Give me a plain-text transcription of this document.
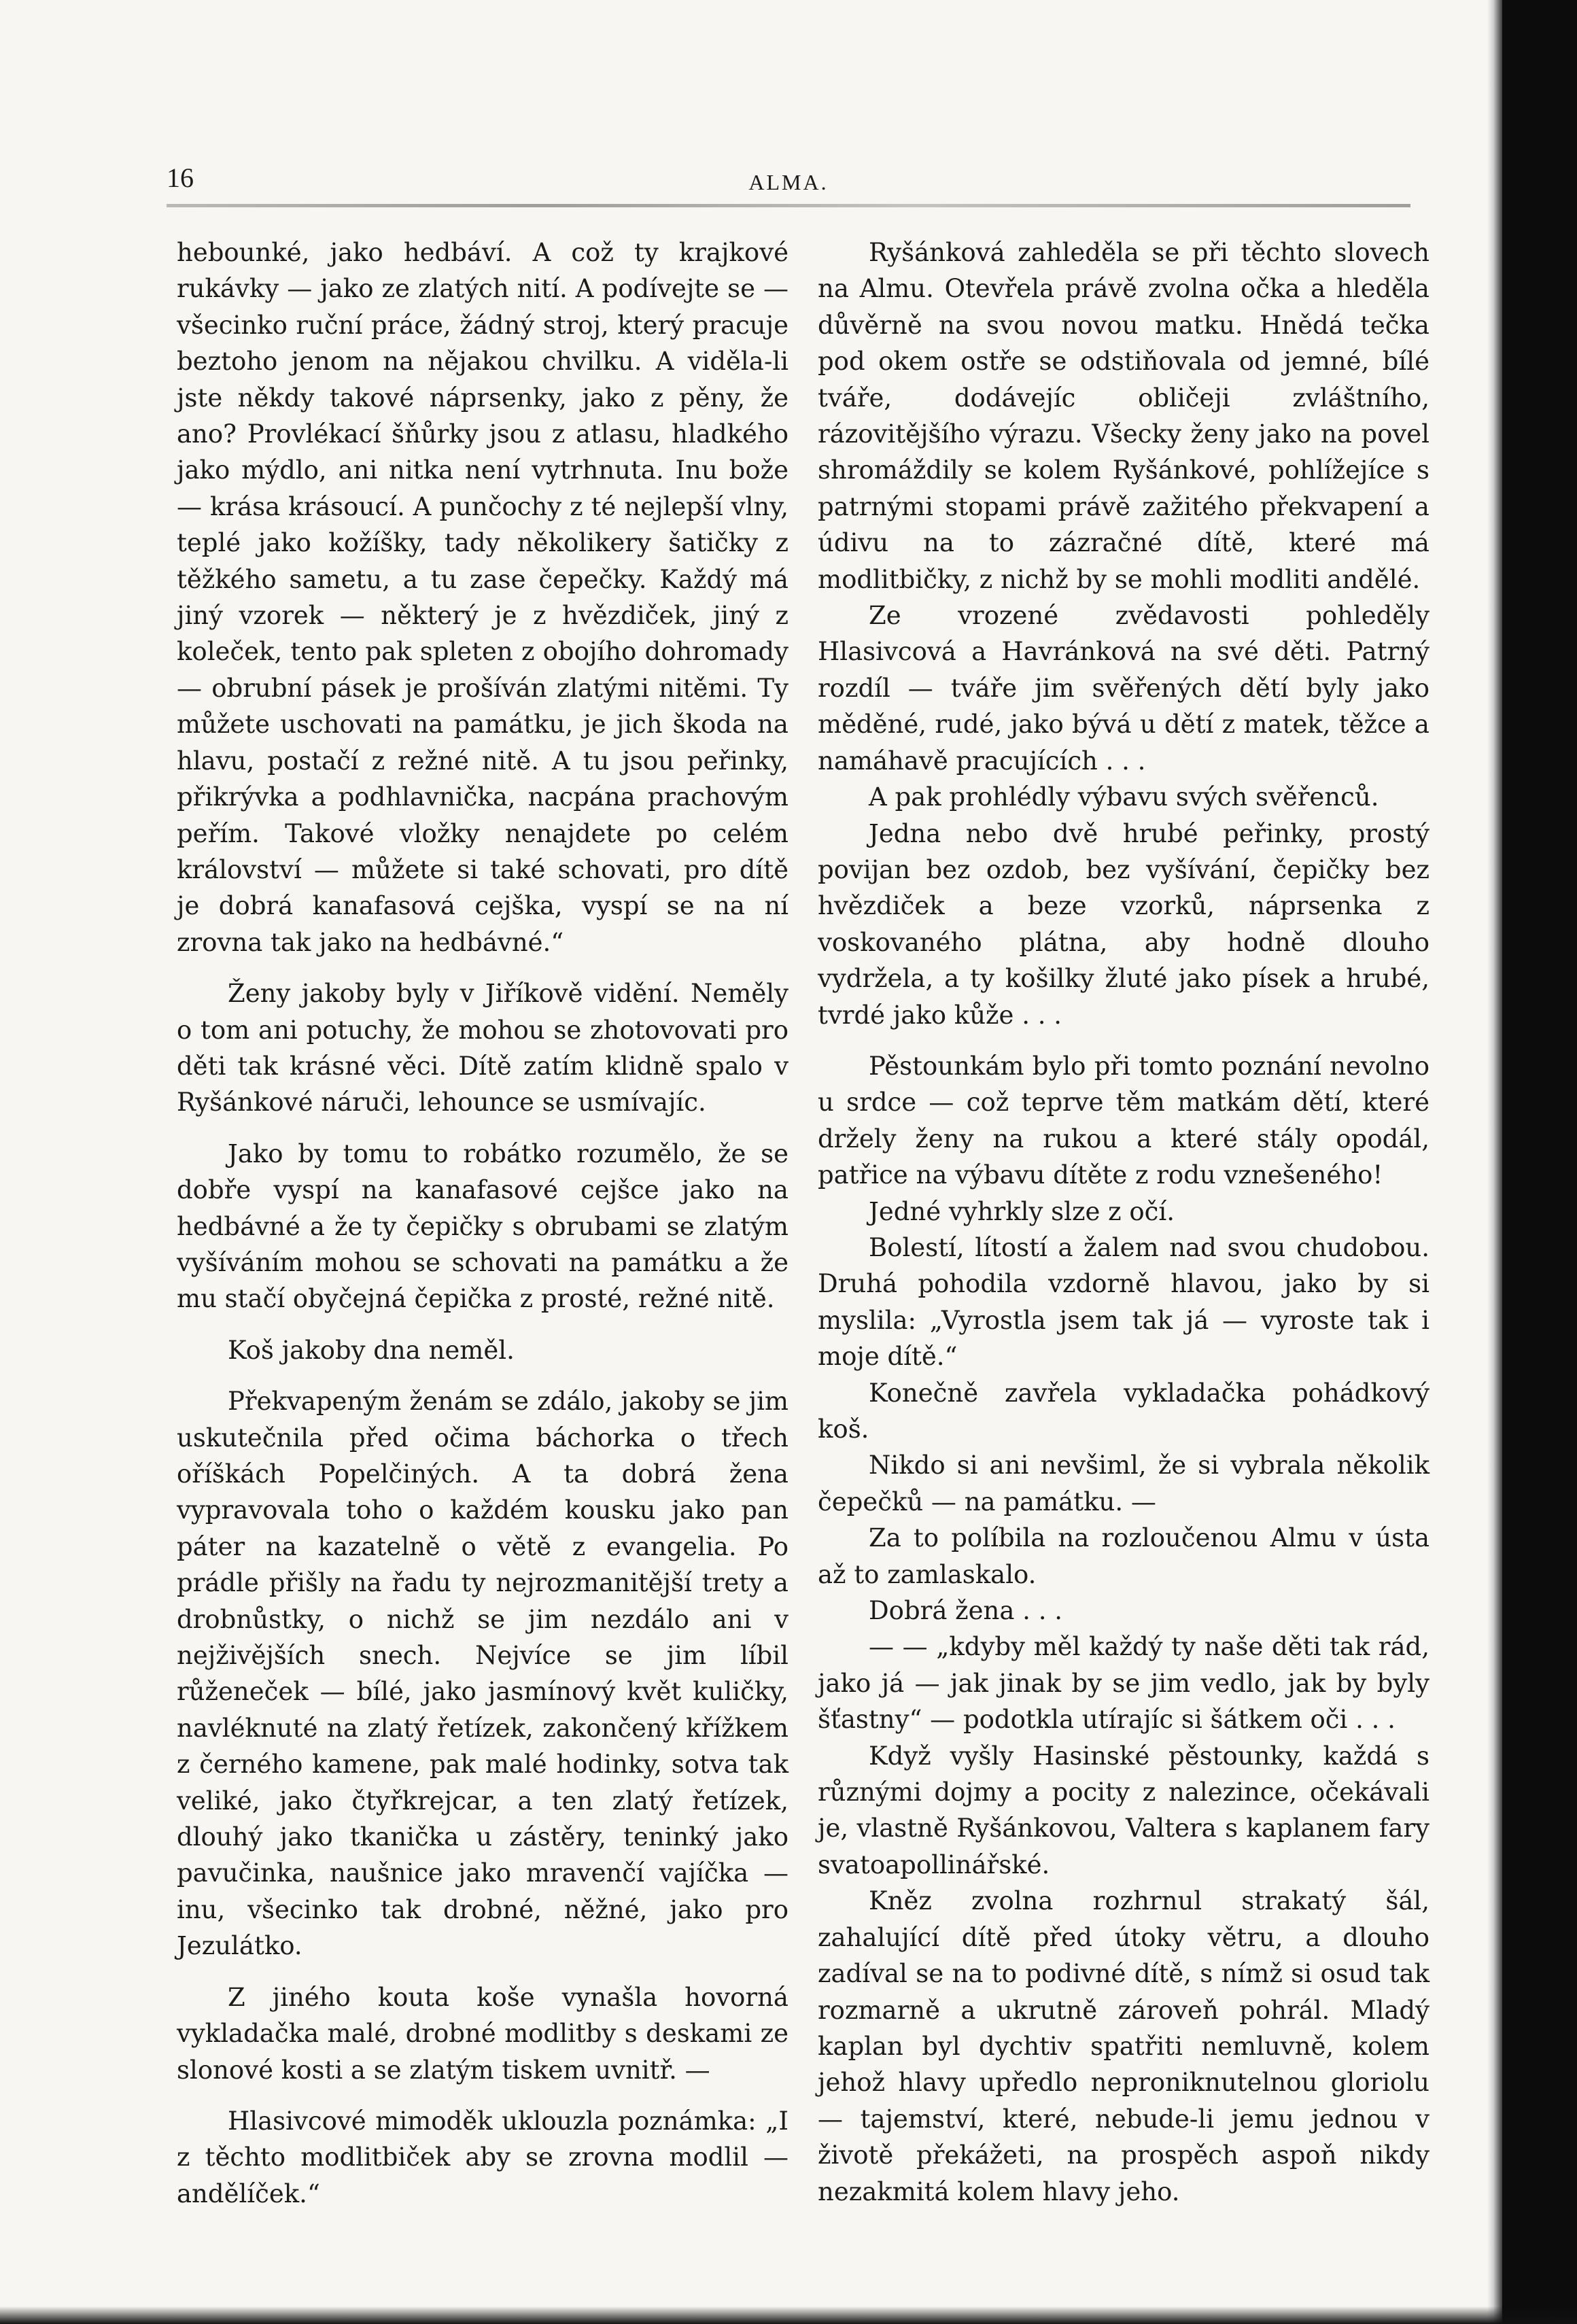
16	ALMA.

hebounké, jako hedbáví. A což ty krajkové rukávky — jako ze zlatých nití. A podívejte se — všecinko ruční práce, žádný stroj, který pracuje beztoho jenom na nějakou chvilku. A viděla-li jste někdy takové náprsenky, jako z pěny, že ano? Provlékací šňůrky jsou z atlasu, hladkého jako mýdlo, ani nitka není vytrhnuta. Inu bože — krása krásoucí. A punčochy z té nejlepší vlny, teplé jako kožíšky, tady několikery šatičky z těžkého sametu, a tu zase čepečky. Každý má jiný vzorek — některý je z hvězdiček, jiný z koleček, tento pak spleten z obojího dohromady — obrubní pásek je prošíván zlatými nitěmi. Ty můžete uschovati na památku, je jich škoda na hlavu, postačí z režné nitě. A tu jsou peřinky, přikrývka a podhlavnička, nacpána prachovým peřím. Takové vložky nenajdete po celém království — můžete si také schovati, pro dítě je dobrá kanafasová cejška, vyspí se na ní zrovna tak jako na hedbávné.“

Ženy jakoby byly v Jiříkově vidění. Neměly o tom ani potuchy, že mohou se zhotovovati pro děti tak krásné věci. Dítě zatím klidně spalo v Ryšánkové náruči, lehounce se usmívajíc.

Jako by tomu to robátko rozumělo, že se dobře vyspí na kanafasové cejšce jako na hedbávné a že ty čepičky s obrubami se zlatým vyšíváním mohou se schovati na památku a že mu stačí obyčejná čepička z prosté, režné nitě.

Koš jakoby dna neměl.

Překvapeným ženám se zdálo, jakoby se jim uskutečnila před očima báchorka o třech oříškách Popelčiných. A ta dobrá žena vypravovala toho o každém kousku jako pan páter na kazatelně o větě z evangelia. Po prádle přišly na řadu ty nejrozmanitější trety a drobnůstky, o nichž se jim nezdálo ani v nejživějších snech. Nejvíce se jim líbil růženeček — bílé, jako jasmínový květ kuličky, navléknuté na zlatý řetízek, zakončený křížkem z černého kamene, pak malé hodinky, sotva tak veliké, jako čtyřkrejcar, a ten zlatý řetízek, dlouhý jako tkanička u zástěry, teninký jako pavučinka, naušnice jako mravenčí vajíčka — inu, všecinko tak drobné, něžné, jako pro Jezulátko.

Z jiného kouta koše vynašla hovorná vykladačka malé, drobné modlitby s deskami ze slonové kosti a se zlatým tiskem uvnitř. —

Hlasivcové mimoděk uklouzla poznámka: „I z těchto modlitbiček aby se zrovna modlil — andělíček.“

Ryšánková zahleděla se při těchto slovech na Almu. Otevřela právě zvolna očka a hleděla důvěrně na svou novou matku. Hnědá tečka pod okem ostře se odstiňovala od jemné, bílé tváře, dodávejíc obličeji zvláštního, rázovitějšího výrazu. Všecky ženy jako na povel shromáždily se kolem Ryšánkové, pohlížejíce s patrnými stopami právě zažitého překvapení a údivu na to zázračné dítě, které má modlitbičky, z nichž by se mohli modliti andělé.

Ze vrozené zvědavosti pohleděly Hlasivcová a Havránková na své děti. Patrný rozdíl — tváře jim svěřených dětí byly jako měděné, rudé, jako bývá u dětí z matek, těžce a namáhavě pracujících . . .

A pak prohlédly výbavu svých svěřenců.

Jedna nebo dvě hrubé peřinky, prostý povijan bez ozdob, bez vyšívání, čepičky bez hvězdiček a beze vzorků, náprsenka z voskovaného plátna, aby hodně dlouho vydržela, a ty košilky žluté jako písek a hrubé, tvrdé jako kůže . . .

Pěstounkám bylo při tomto poznání nevolno u srdce — což teprve těm matkám dětí, které držely ženy na rukou a které stály opodál, patřice na výbavu dítěte z rodu vznešeného!

Jedné vyhrkly slze z očí.

Bolestí, lítostí a žalem nad svou chudobou. Druhá pohodila vzdorně hlavou, jako by si myslila: „Vyrostla jsem tak já — vyroste tak i moje dítě.“

Konečně zavřela vykladačka pohádkový koš.

Nikdo si ani nevšiml, že si vybrala několik čepečků — na památku. —

Za to políbila na rozloučenou Almu v ústa až to zamlaskalo.

Dobrá žena . . .

— — „kdyby měl každý ty naše děti tak rád, jako já — jak jinak by se jim vedlo, jak by byly šťastny“ — podotkla utírajíc si šátkem oči . . .

Když vyšly Hasinské pěstounky, každá s různými dojmy a pocity z nalezince, očekávali je, vlastně Ryšánkovou, Valtera s kaplanem fary svatoapollinářské.

Kněz zvolna rozhrnul strakatý šál, zahalující dítě před útoky větru, a dlouho zadíval se na to podivné dítě, s nímž si osud tak rozmarně a ukrutně zároveň pohrál. Mladý kaplan byl dychtiv spatřiti nemluvně, kolem jehož hlavy upředlo neproniknutelnou gloriolu — tajemství, které, nebude-li jemu jednou v životě překážeti, na prospěch aspoň nikdy nezakmitá kolem hlavy jeho.
